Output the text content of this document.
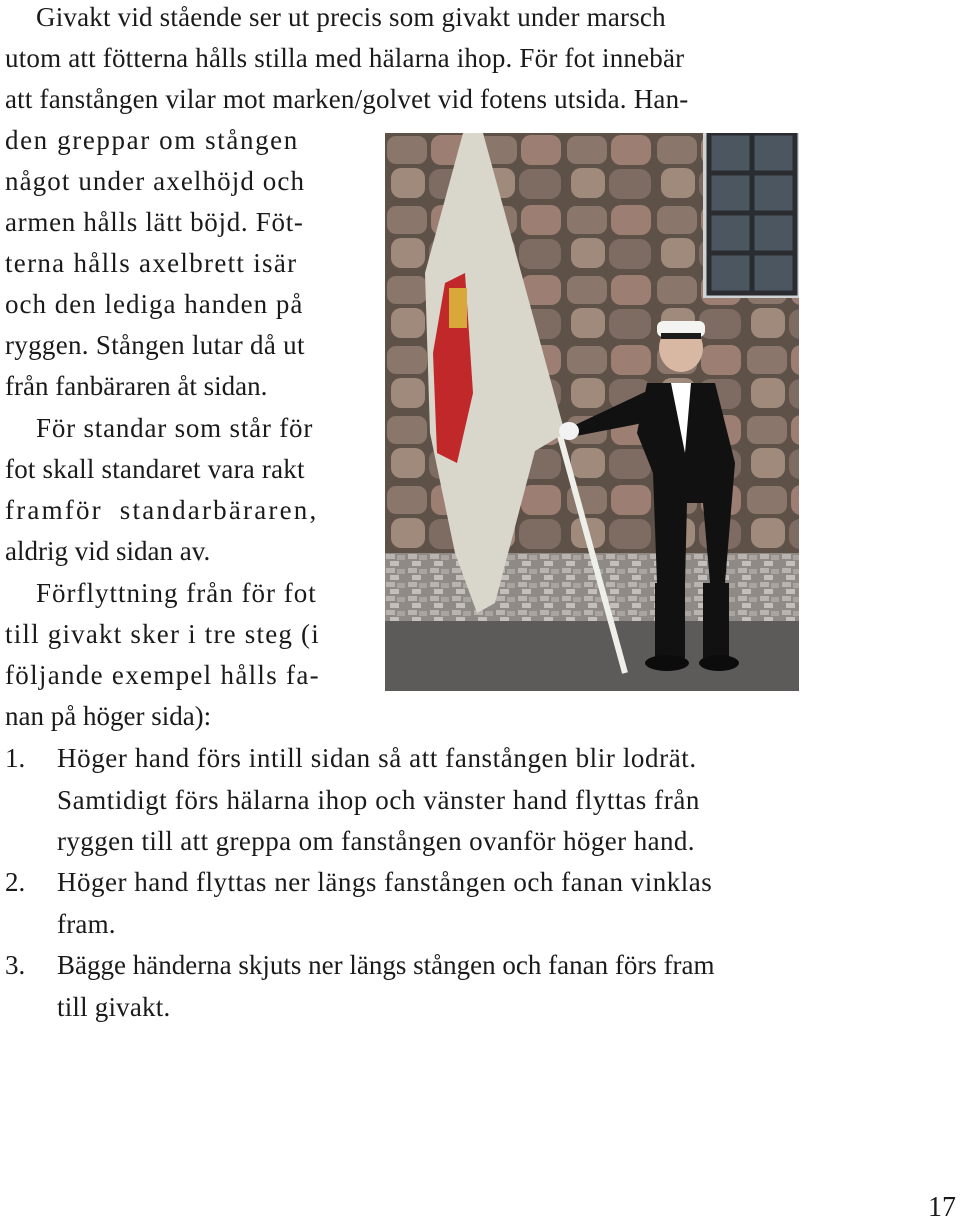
Givakt vid stående ser ut precis som givakt under marsch

utom att fötterna hålls stilla med hälarna ihop. För fot innebär

att fanstången vilar mot marken/golvet vid fotens utsida. Han-

den greppar om stången

något under axelhöjd och

armen hålls lätt böjd. Föt-

terna hålls axelbrett isär

och den lediga handen på

ryggen. Stången lutar då ut

från fanbäraren åt sidan.

För standar som står för

fot skall standaret vara rakt

framför standarbäraren,

aldrig vid sidan av.

Förflyttning från för fot

till givakt sker i tre steg (i

följande exempel hålls fa-

nan på höger sida):

1. Höger hand förs intill sidan så att fanstången blir lodrät.

Samtidigt förs hälarna ihop och vänster hand flyttas från

ryggen till att greppa om fanstången ovanför höger hand.

2. Höger hand flyttas ner längs fanstången och fanan vinklas

fram.

3. Bägge händerna skjuts ner längs stången och fanan förs fram

till givakt.

17
